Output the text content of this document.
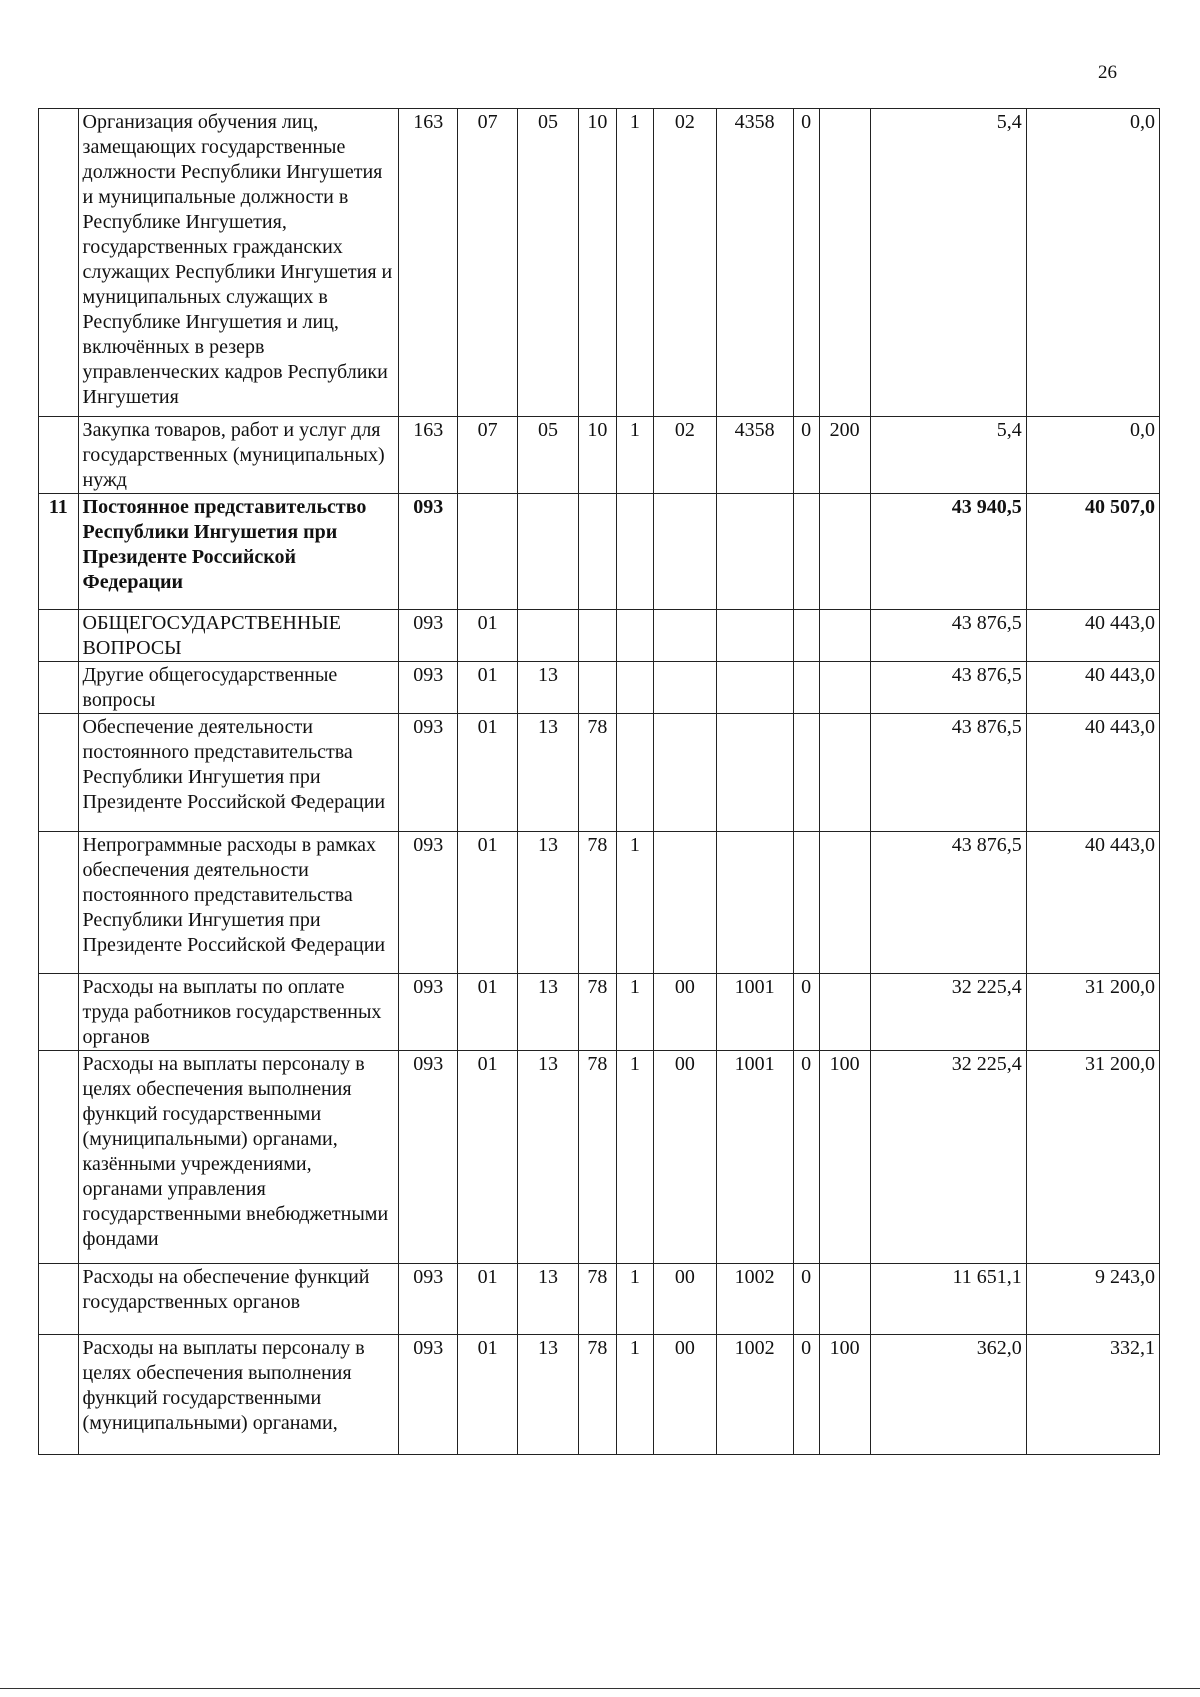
26
	Организация обучения лиц, замещающих государственные должности Республики Ингушетия и муниципальные должности в Республике Ингушетия, государственных гражданских служащих Республики Ингушетия и муниципальных служащих в Республике Ингушетия и лиц, включённых в резерв управленческих кадров Республики Ингушетия	163	07	05	10	1	02	4358	0		5,4	0,0
	Закупка товаров, работ и услуг для государственных (муниципальных) нужд	163	07	05	10	1	02	4358	0	200	5,4	0,0
11	Постоянное представительство Республики Ингушетия при Президенте Российской Федерации	093									43 940,5	40 507,0
	ОБЩЕГОСУДАРСТВЕННЫЕ ВОПРОСЫ	093	01								43 876,5	40 443,0
	Другие общегосударственные вопросы	093	01	13							43 876,5	40 443,0
	Обеспечение деятельности постоянного представительства Республики Ингушетия при Президенте Российской Федерации	093	01	13	78						43 876,5	40 443,0
	Непрограммные расходы в рамках обеспечения деятельности постоянного представительства Республики Ингушетия при Президенте Российской Федерации	093	01	13	78	1					43 876,5	40 443,0
	Расходы на выплаты по оплате труда работников государственных органов	093	01	13	78	1	00	1001	0		32 225,4	31 200,0
	Расходы на выплаты персоналу в целях обеспечения выполнения функций государственными (муниципальными) органами, казёнными учреждениями, органами управления государственными внебюджетными фондами	093	01	13	78	1	00	1001	0	100	32 225,4	31 200,0
	Расходы на обеспечение функций государственных органов	093	01	13	78	1	00	1002	0		11 651,1	9 243,0
	Расходы на выплаты персоналу в целях обеспечения выполнения функций государственными (муниципальными) органами,	093	01	13	78	1	00	1002	0	100	362,0	332,1
